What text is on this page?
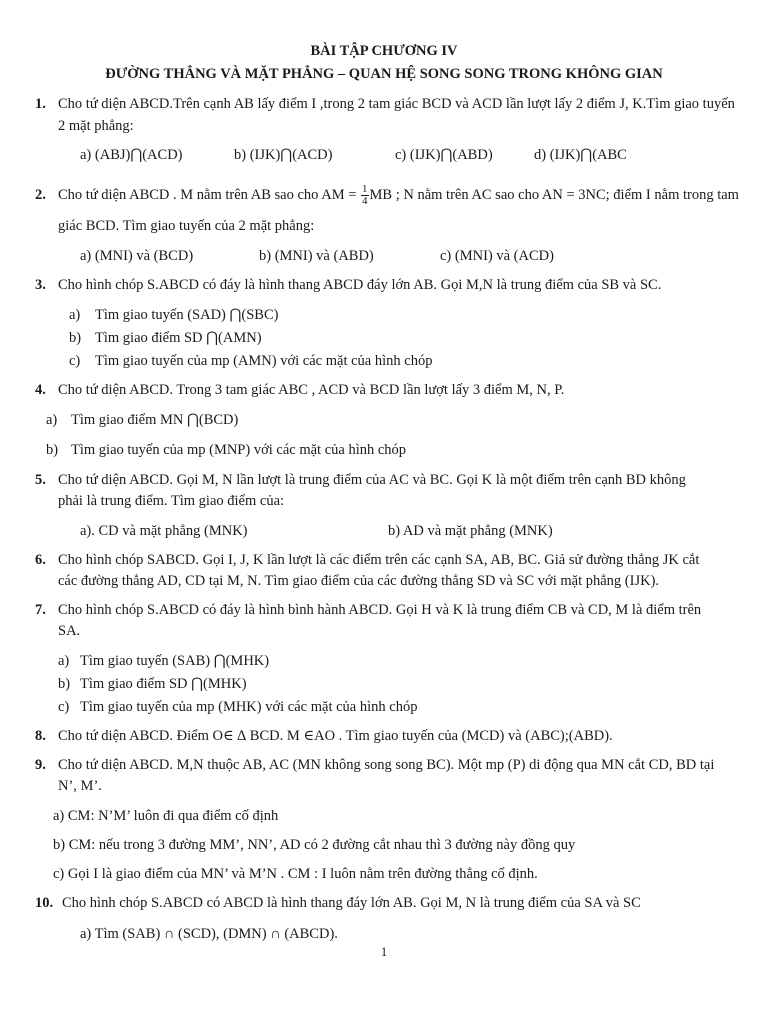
BÀI TẬP CHƯƠNG IV
ĐƯỜNG THẲNG VÀ MẶT PHẲNG – QUAN HỆ SONG SONG TRONG KHÔNG GIAN
1. Cho tứ diện ABCD.Trên cạnh AB lấy điểm I ,trong 2 tam giác BCD và ACD lần lượt lấy 2 điểm J, K.Tìm giao tuyến
2 mặt phẳng:
a) (ABJ)⋂(ACD)	b) (IJK)⋂(ACD)	c) (IJK)⋂(ABD)	d) (IJK)⋂(ABC
2. Cho tứ diện ABCD . M nằm trên AB sao cho AM = $\frac{1}{4}$ MB ; N nằm trên AC sao cho AN = 3NC; điểm I nằm trong tam
giác BCD. Tìm giao tuyến của 2 mặt phẳng:
a) (MNI) và (BCD)	b) (MNI) và (ABD)	c) (MNI) và (ACD)
3. Cho hình chóp S.ABCD có đáy là hình thang ABCD đáy lớn AB. Gọi M,N là trung điểm của SB và SC.
a) Tìm giao tuyến (SAD) ⋂(SBC)
b) Tìm giao điểm SD ⋂(AMN)
c) Tìm giao tuyến của mp (AMN) với các mặt của hình chóp
4. Cho tứ diện ABCD. Trong 3 tam giác ABC , ACD và BCD lần lượt lấy 3 điểm M, N, P.
a) Tìm giao điểm MN ⋂(BCD)
b) Tìm giao tuyến của mp (MNP) với các mặt của hình chóp
5. Cho tứ diện ABCD. Gọi M, N lần lượt là trung điểm của AC và BC. Gọi K là một điểm trên cạnh BD không
phải là trung điểm. Tìm giao điểm của:
a). CD và mặt phẳng (MNK)	b) AD và mặt phẳng (MNK)
6. Cho hình chóp SABCD. Gọi I, J, K lần lượt là các điểm trên các cạnh SA, AB, BC. Giả sử đường thẳng JK cắt
các đường thẳng AD, CD tại M, N. Tìm giao điểm của các đường thẳng SD và SC với mặt phẳng (IJK).
7. Cho hình chóp S.ABCD có đáy là hình bình hành ABCD. Gọi H và K là trung điểm CB và CD, M là điểm trên
SA.
a) Tìm giao tuyến (SAB) ⋂(MHK)
b) Tìm giao điểm SD ⋂(MHK)
c) Tìm giao tuyến của mp (MHK) với các mặt của hình chóp
8. Cho tứ diện ABCD. Điểm O∈ ∆ BCD. M ∈AO . Tìm giao tuyến của (MCD) và (ABC);(ABD).
9. Cho tứ diện ABCD. M,N thuộc AB, AC (MN không song song BC). Một mp (P) di động qua MN cắt CD, BD tại
N’, M’.
a) CM: N’M’ luôn đi qua điểm cố định
b) CM: nếu trong 3 đường MM’, NN’, AD có 2 đường cắt nhau thì 3 đường này đồng quy
c) Gọi I là giao điểm của MN’ và M’N . CM : I luôn nằm trên đường thẳng cố định.
10. Cho hình chóp S.ABCD có ABCD là hình thang đáy lớn AB. Gọi M, N là trung điểm của SA và SC
a) Tìm (SAB) ∩ (SCD), (DMN) ∩ (ABCD).
1
